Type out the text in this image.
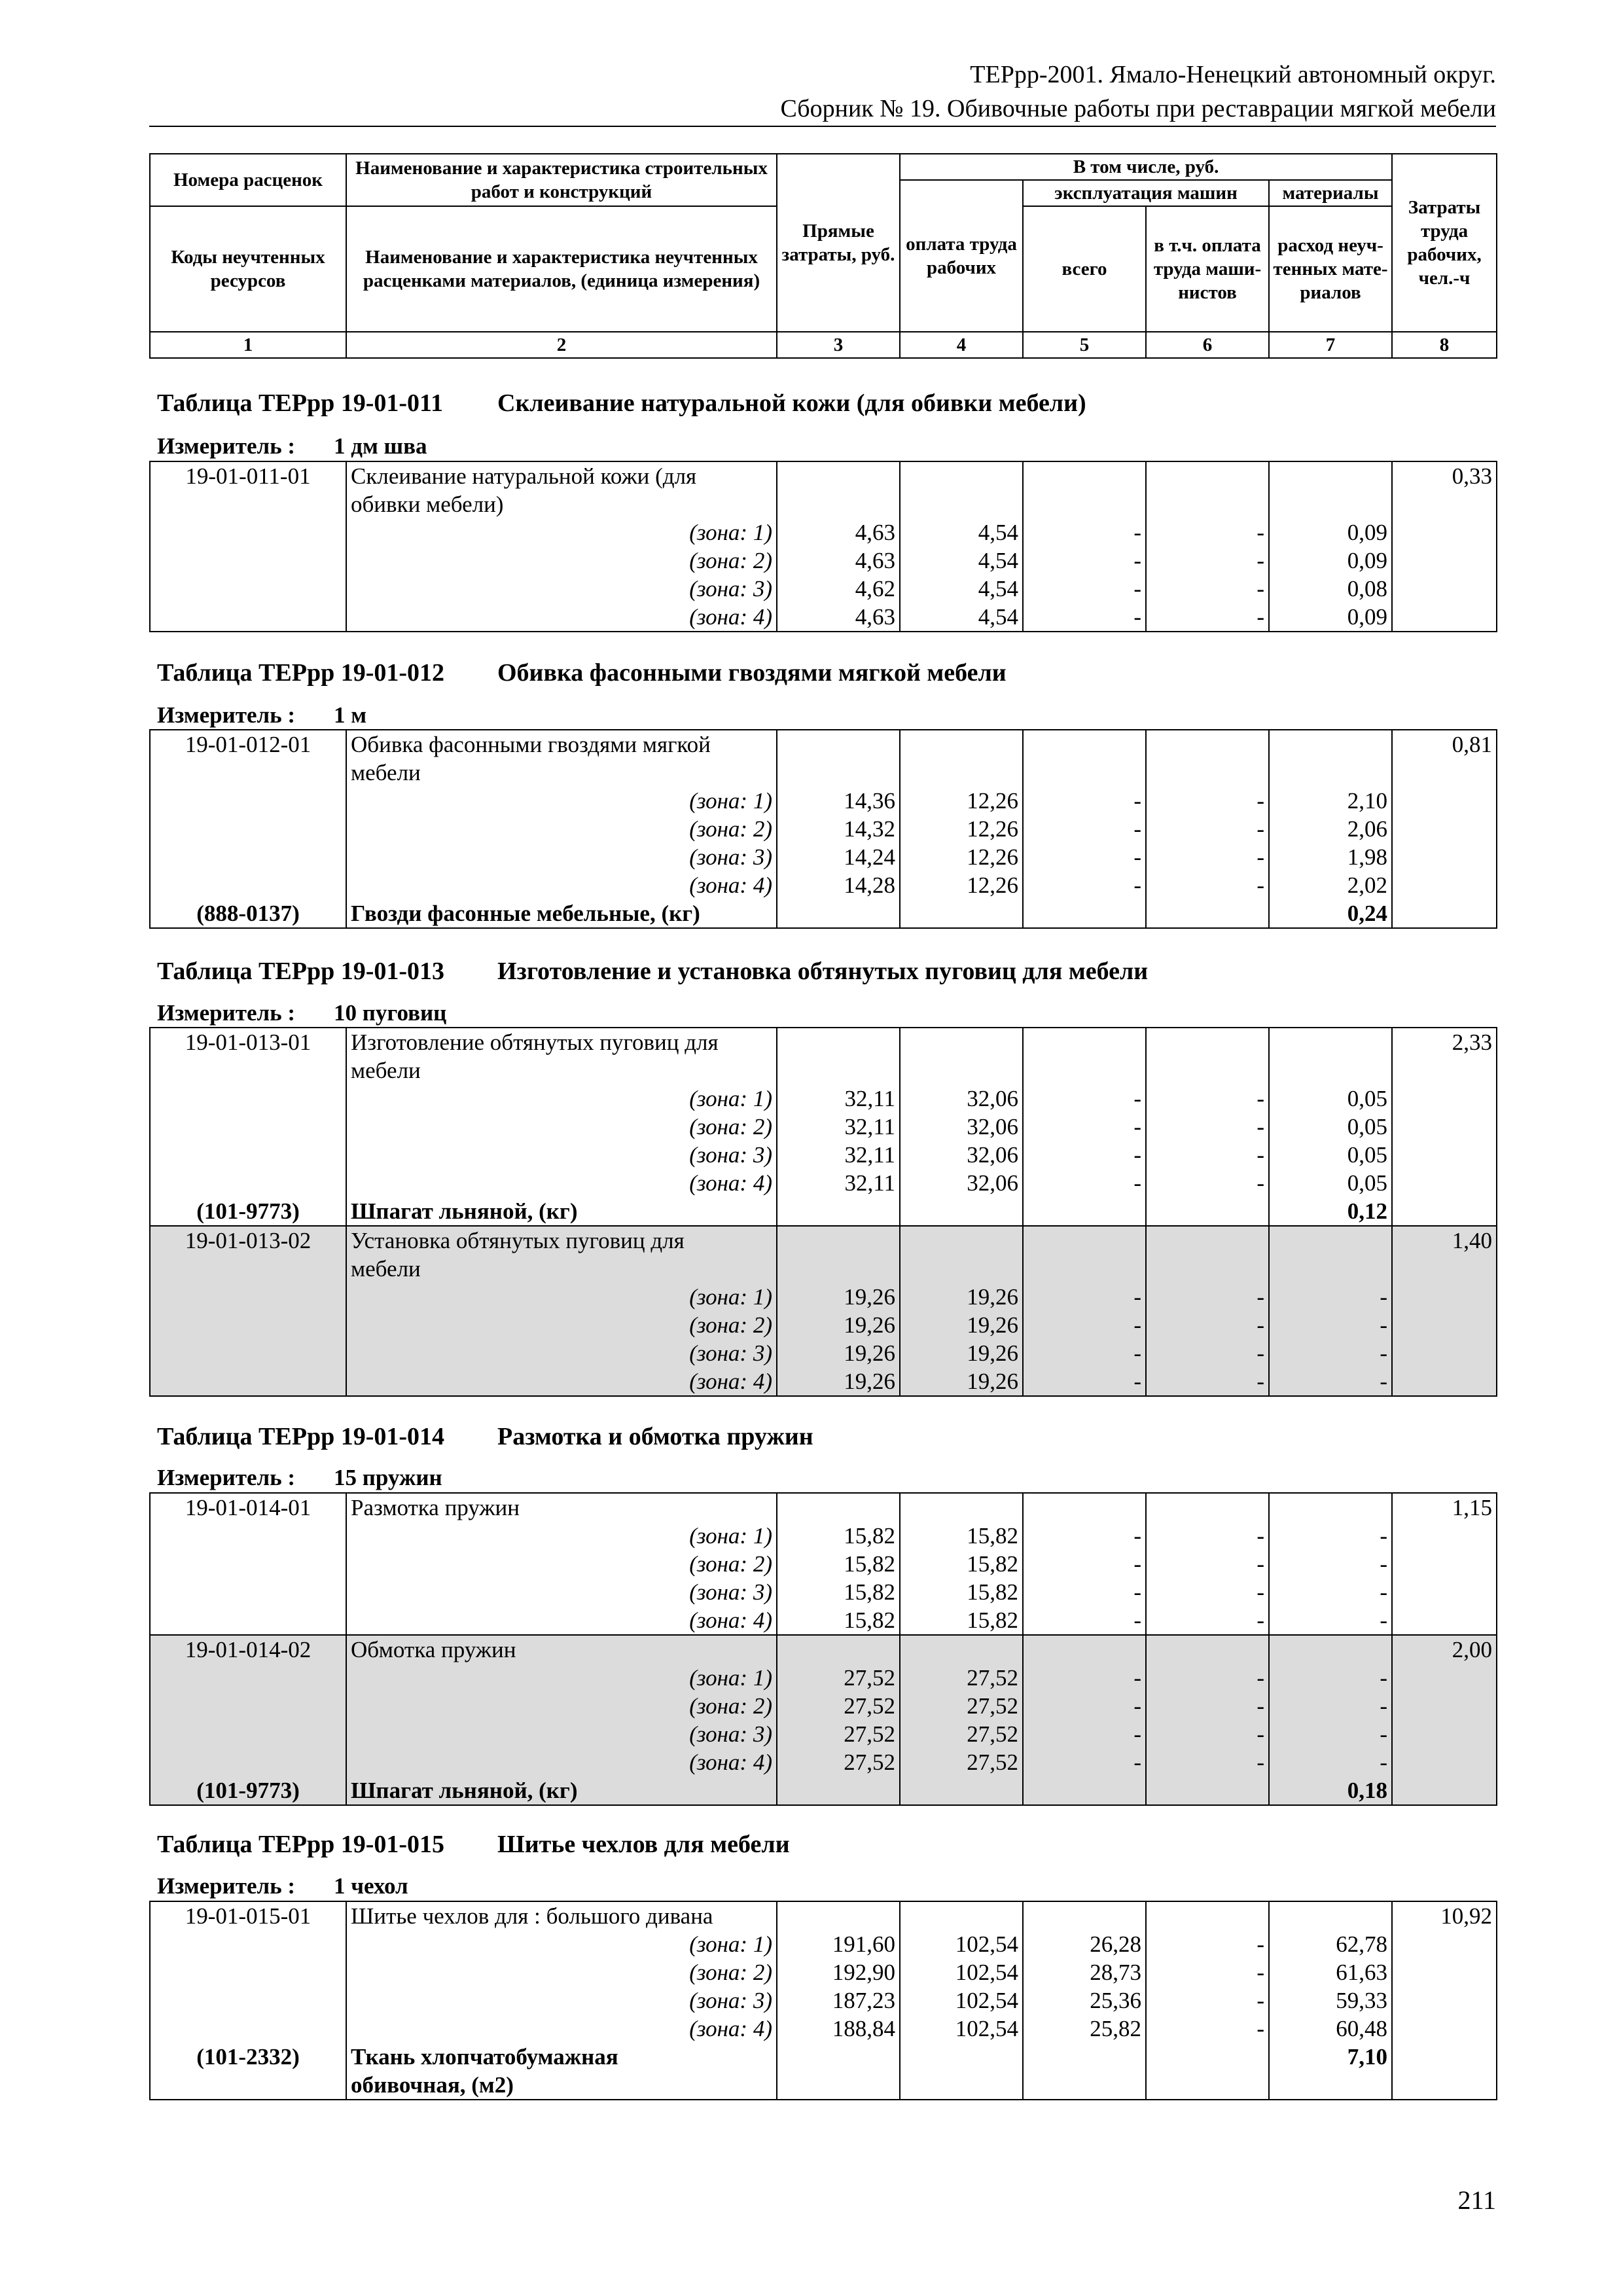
ТЕРрр-2001. Ямало-Ненецкий автономный округ.
Сборник № 19. Обивочные работы при реставрации мягкой мебели
Номера расценок	Наименование и характеристика строительных работ и конструкций	Прямые затраты, руб.	В том числе, руб.				Затраты труда рабочих, чел.-ч
			оплата труда рабочих	эксплуатация машин		материалы	
Коды неучтенных ресурсов	Наименование и характеристика неучтенных расценками материалов, (единица измерения)			всего	в т.ч. оплата труда маши-нистов	расход неуч-тенных мате-риалов	
1	2	3	4	5	6	7	8
Таблица ТЕРрр 19-01-011 Склеивание натуральной кожи (для обивки мебели)
Измеритель : 1 дм шва
19-01-011-01	Склеивание натуральной кожи (для						0,33
	обивки мебели)						
	(зона: 1)	4,63	4,54	-	-	0,09	
	(зона: 2)	4,63	4,54	-	-	0,09	
	(зона: 3)	4,62	4,54	-	-	0,08	
	(зона: 4)	4,63	4,54	-	-	0,09	
Таблица ТЕРрр 19-01-012 Обивка фасонными гвоздями мягкой мебели
Измеритель : 1 м
19-01-012-01	Обивка фасонными гвоздями мягкой						0,81
	мебели						
	(зона: 1)	14,36	12,26	-	-	2,10	
	(зона: 2)	14,32	12,26	-	-	2,06	
	(зона: 3)	14,24	12,26	-	-	1,98	
	(зона: 4)	14,28	12,26	-	-	2,02	
(888-0137)	Гвозди фасонные мебельные, (кг)					0,24	
Таблица ТЕРрр 19-01-013 Изготовление и установка обтянутых пуговиц для мебели
Измеритель : 10 пуговиц
19-01-013-01	Изготовление обтянутых пуговиц для						2,33
	мебели						
	(зона: 1)	32,11	32,06	-	-	0,05	
	(зона: 2)	32,11	32,06	-	-	0,05	
	(зона: 3)	32,11	32,06	-	-	0,05	
	(зона: 4)	32,11	32,06	-	-	0,05	
(101-9773)	Шпагат льняной, (кг)					0,12	
19-01-013-02	Установка обтянутых пуговиц для						1,40
	мебели						
	(зона: 1)	19,26	19,26	-	-	-	
	(зона: 2)	19,26	19,26	-	-	-	
	(зона: 3)	19,26	19,26	-	-	-	
	(зона: 4)	19,26	19,26	-	-	-	
Таблица ТЕРрр 19-01-014 Размотка и обмотка пружин
Измеритель : 15 пружин
19-01-014-01	Размотка пружин						1,15
	(зона: 1)	15,82	15,82	-	-	-	
	(зона: 2)	15,82	15,82	-	-	-	
	(зона: 3)	15,82	15,82	-	-	-	
	(зона: 4)	15,82	15,82	-	-	-	
19-01-014-02	Обмотка пружин						2,00
	(зона: 1)	27,52	27,52	-	-	-	
	(зона: 2)	27,52	27,52	-	-	-	
	(зона: 3)	27,52	27,52	-	-	-	
	(зона: 4)	27,52	27,52	-	-	-	
(101-9773)	Шпагат льняной, (кг)					0,18	
Таблица ТЕРрр 19-01-015 Шитье чехлов для мебели
Измеритель : 1 чехол
19-01-015-01	Шитье чехлов для : большого дивана						10,92
	(зона: 1)	191,60	102,54	26,28	-	62,78	
	(зона: 2)	192,90	102,54	28,73	-	61,63	
	(зона: 3)	187,23	102,54	25,36	-	59,33	
	(зона: 4)	188,84	102,54	25,82	-	60,48	
(101-2332)	Ткань хлопчатобумажная					7,10	
	обивочная, (м2)						
211
